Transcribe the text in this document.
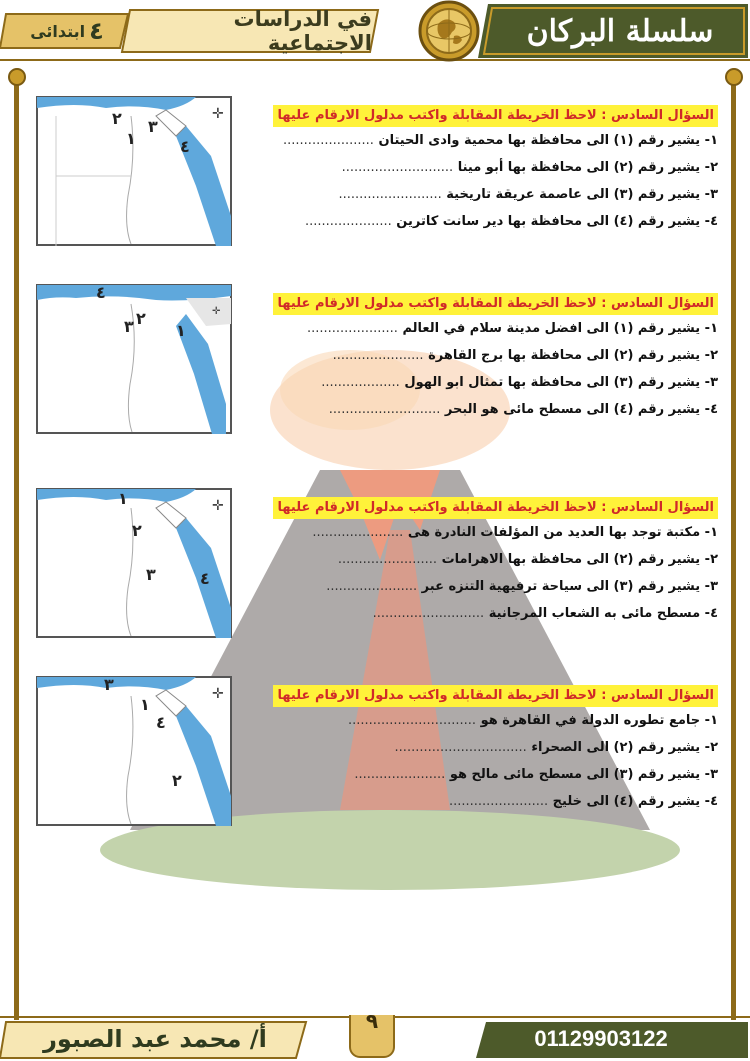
٤
ابتدائى	في الدراسات الاجتماعية	سلسلة البركان
✛
٢ ٣
١	٤
السؤال السادس : لاحظ الخريطة المقابلة واكتب مدلول الارقام عليها
١- يشير رقم (١) الى محافظة بها محمية وادى الحيتان ......................
٢- يشير رقم (٢) الى محافظة بها أبو مينا ...........................
٣- يشير رقم (٣) الى عاصمة عريقة تاريخية .........................
٤- يشير رقم (٤) الى محافظة بها دير سانت كاترين .....................
✛
٤
٢
٣	١
السؤال السادس : لاحظ الخريطة المقابلة واكتب مدلول الارقام عليها
١- يشير رقم (١) الى افضل مدينة سلام في العالم ......................
٢- يشير رقم (٢) الى محافظة بها برج القاهرة ......................
٣- يشير رقم (٣) الى محافظة بها تمثال ابو الهول ...................
٤- يشير رقم (٤) الى مسطح مائى هو البحر ...........................
✛
١
٢
٣	٤
السؤال السادس : لاحظ الخريطة المقابلة واكتب مدلول الارقام عليها
١- مكتبة توجد بها العديد من المؤلفات النادرة هى ......................
٢- يشير رقم (٢) الى محافظة بها الاهرامات ........................
٣- يشير رقم (٣) الى سياحة ترفيهية التنزه عبر ......................
٤- مسطح مائى به الشعاب المرجانية ...........................
✛
٣
١
٤
٢
السؤال السادس : لاحظ الخريطة المقابلة واكتب مدلول الارقام عليها
١- جامع تطوره الدولة في القاهرة هو ...............................
٢- يشير رقم (٢) الى الصحراء ................................
٣- يشير رقم (٣) الى مسطح مائى مالح هو ......................
٤- يشير رقم (٤) الى خليج ........................
أ/ محمد عبد الصبور
٩
01129903122
